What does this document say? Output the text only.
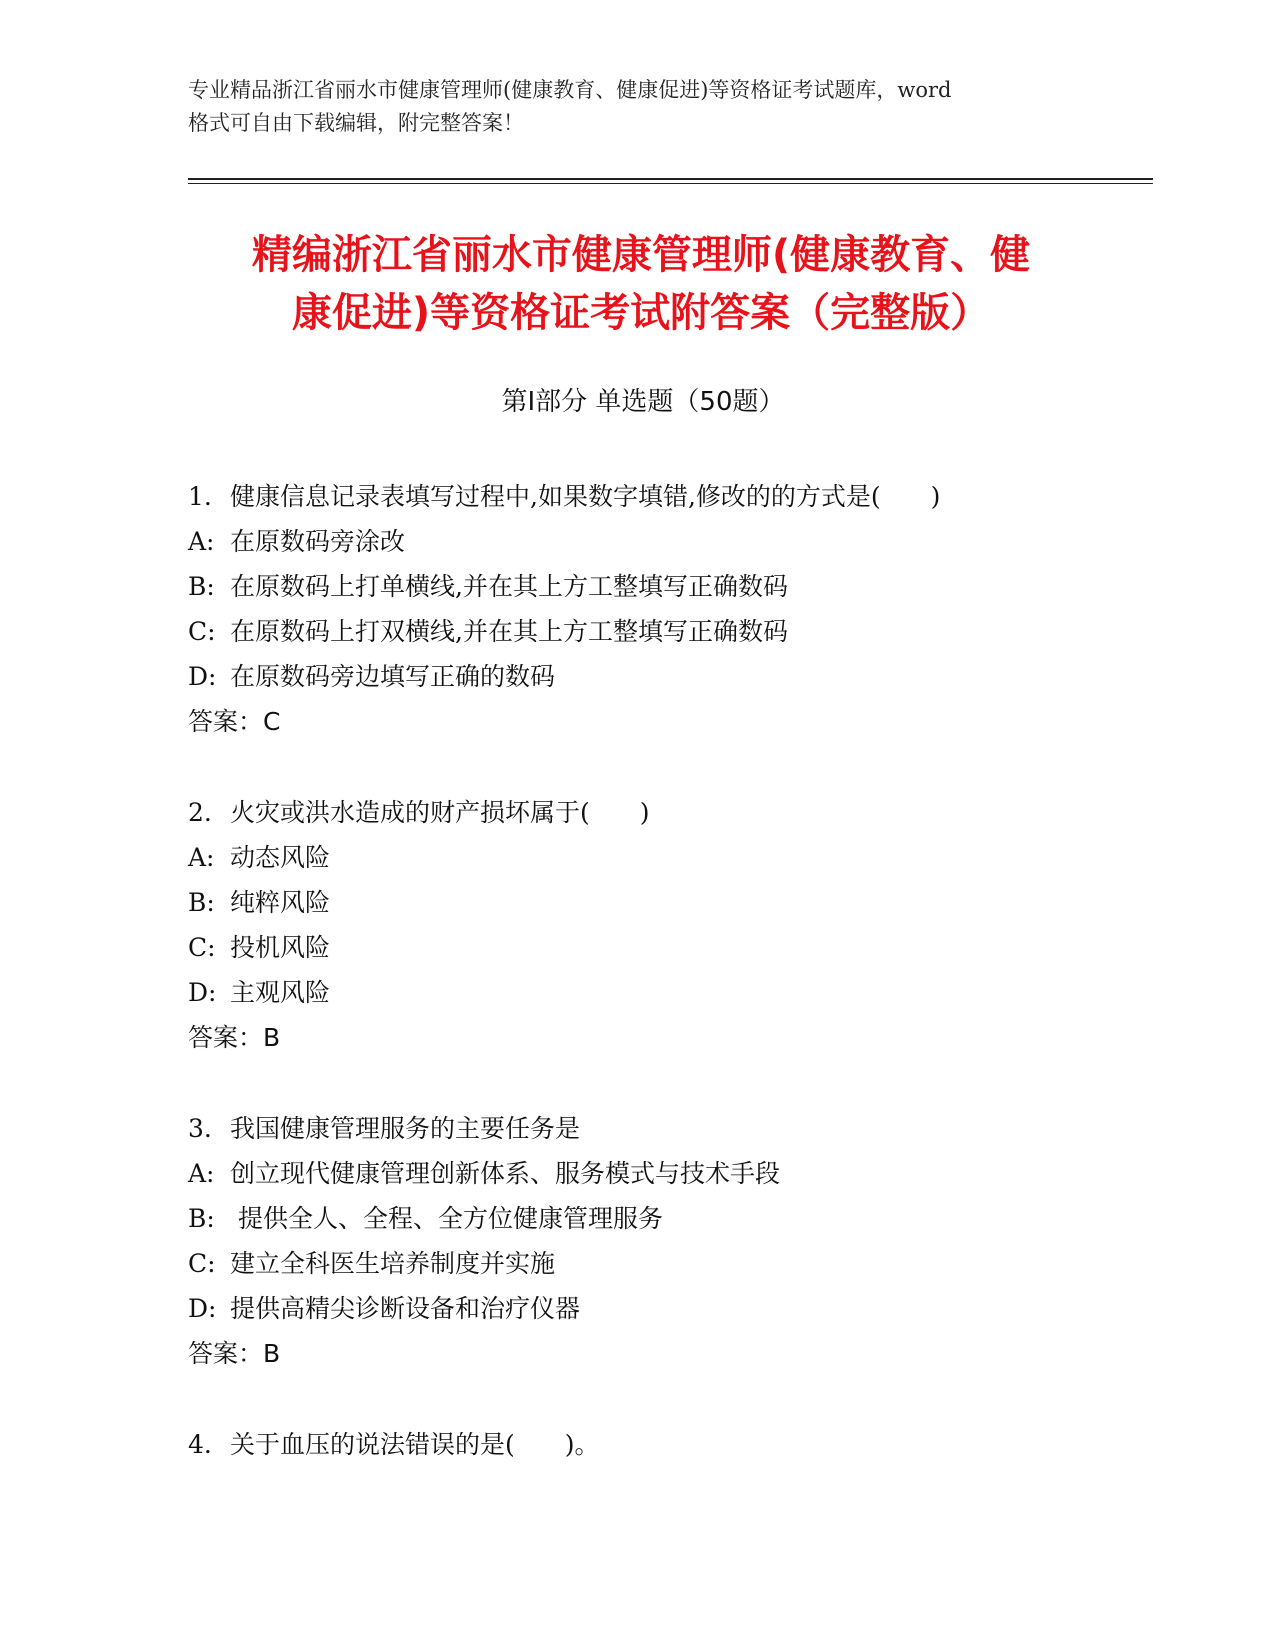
专业精品浙江省丽水市健康管理师(健康教育、健康促进)等资格证考试题库，word
格式可自由下载编辑，附完整答案！
精编浙江省丽水市健康管理师(健康教育、健
康促进)等资格证考试附答案（完整版）
第Ⅰ部分 单选题（50题）
1. 健康信息记录表填写过程中,如果数字填错,修改的的方式是(　　)
A: 在原数码旁涂改
B: 在原数码上打单横线,并在其上方工整填写正确数码
C: 在原数码上打双横线,并在其上方工整填写正确数码
D: 在原数码旁边填写正确的数码
答案：C
2. 火灾或洪水造成的财产损坏属于(　　)
A: 动态风险
B: 纯粹风险
C: 投机风险
D: 主观风险
答案：B
3. 我国健康管理服务的主要任务是
A: 创立现代健康管理创新体系、服务模式与技术手段
B: 提供全人、全程、全方位健康管理服务
C: 建立全科医生培养制度并实施
D: 提供高精尖诊断设备和治疗仪器
答案：B
4. 关于血压的说法错误的是(　　)。
